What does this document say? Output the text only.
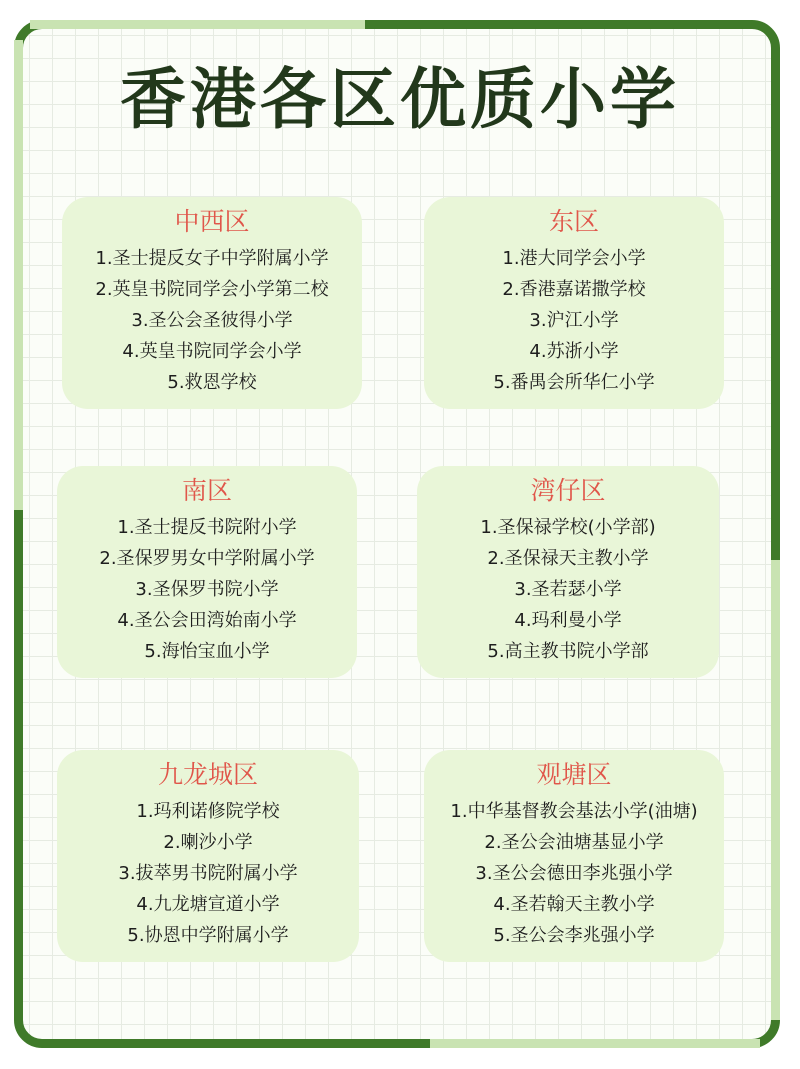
香港各区优质小学
中西区
1.圣士提反女子中学附属小学
2.英皇书院同学会小学第二校
3.圣公会圣彼得小学
4.英皇书院同学会小学
5.救恩学校
东区
1.港大同学会小学
2.香港嘉诺撒学校
3.沪江小学
4.苏浙小学
5.番禺会所华仁小学
南区
1.圣士提反书院附小学
2.圣保罗男女中学附属小学
3.圣保罗书院小学
4.圣公会田湾始南小学
5.海怡宝血小学
湾仔区
1.圣保禄学校(小学部)
2.圣保禄天主教小学
3.圣若瑟小学
4.玛利曼小学
5.高主教书院小学部
九龙城区
1.玛利诺修院学校
2.喇沙小学
3.拔萃男书院附属小学
4.九龙塘宣道小学
5.协恩中学附属小学
观塘区
1.中华基督教会基法小学(油塘)
2.圣公会油塘基显小学
3.圣公会德田李兆强小学
4.圣若翰天主教小学
5.圣公会李兆强小学
